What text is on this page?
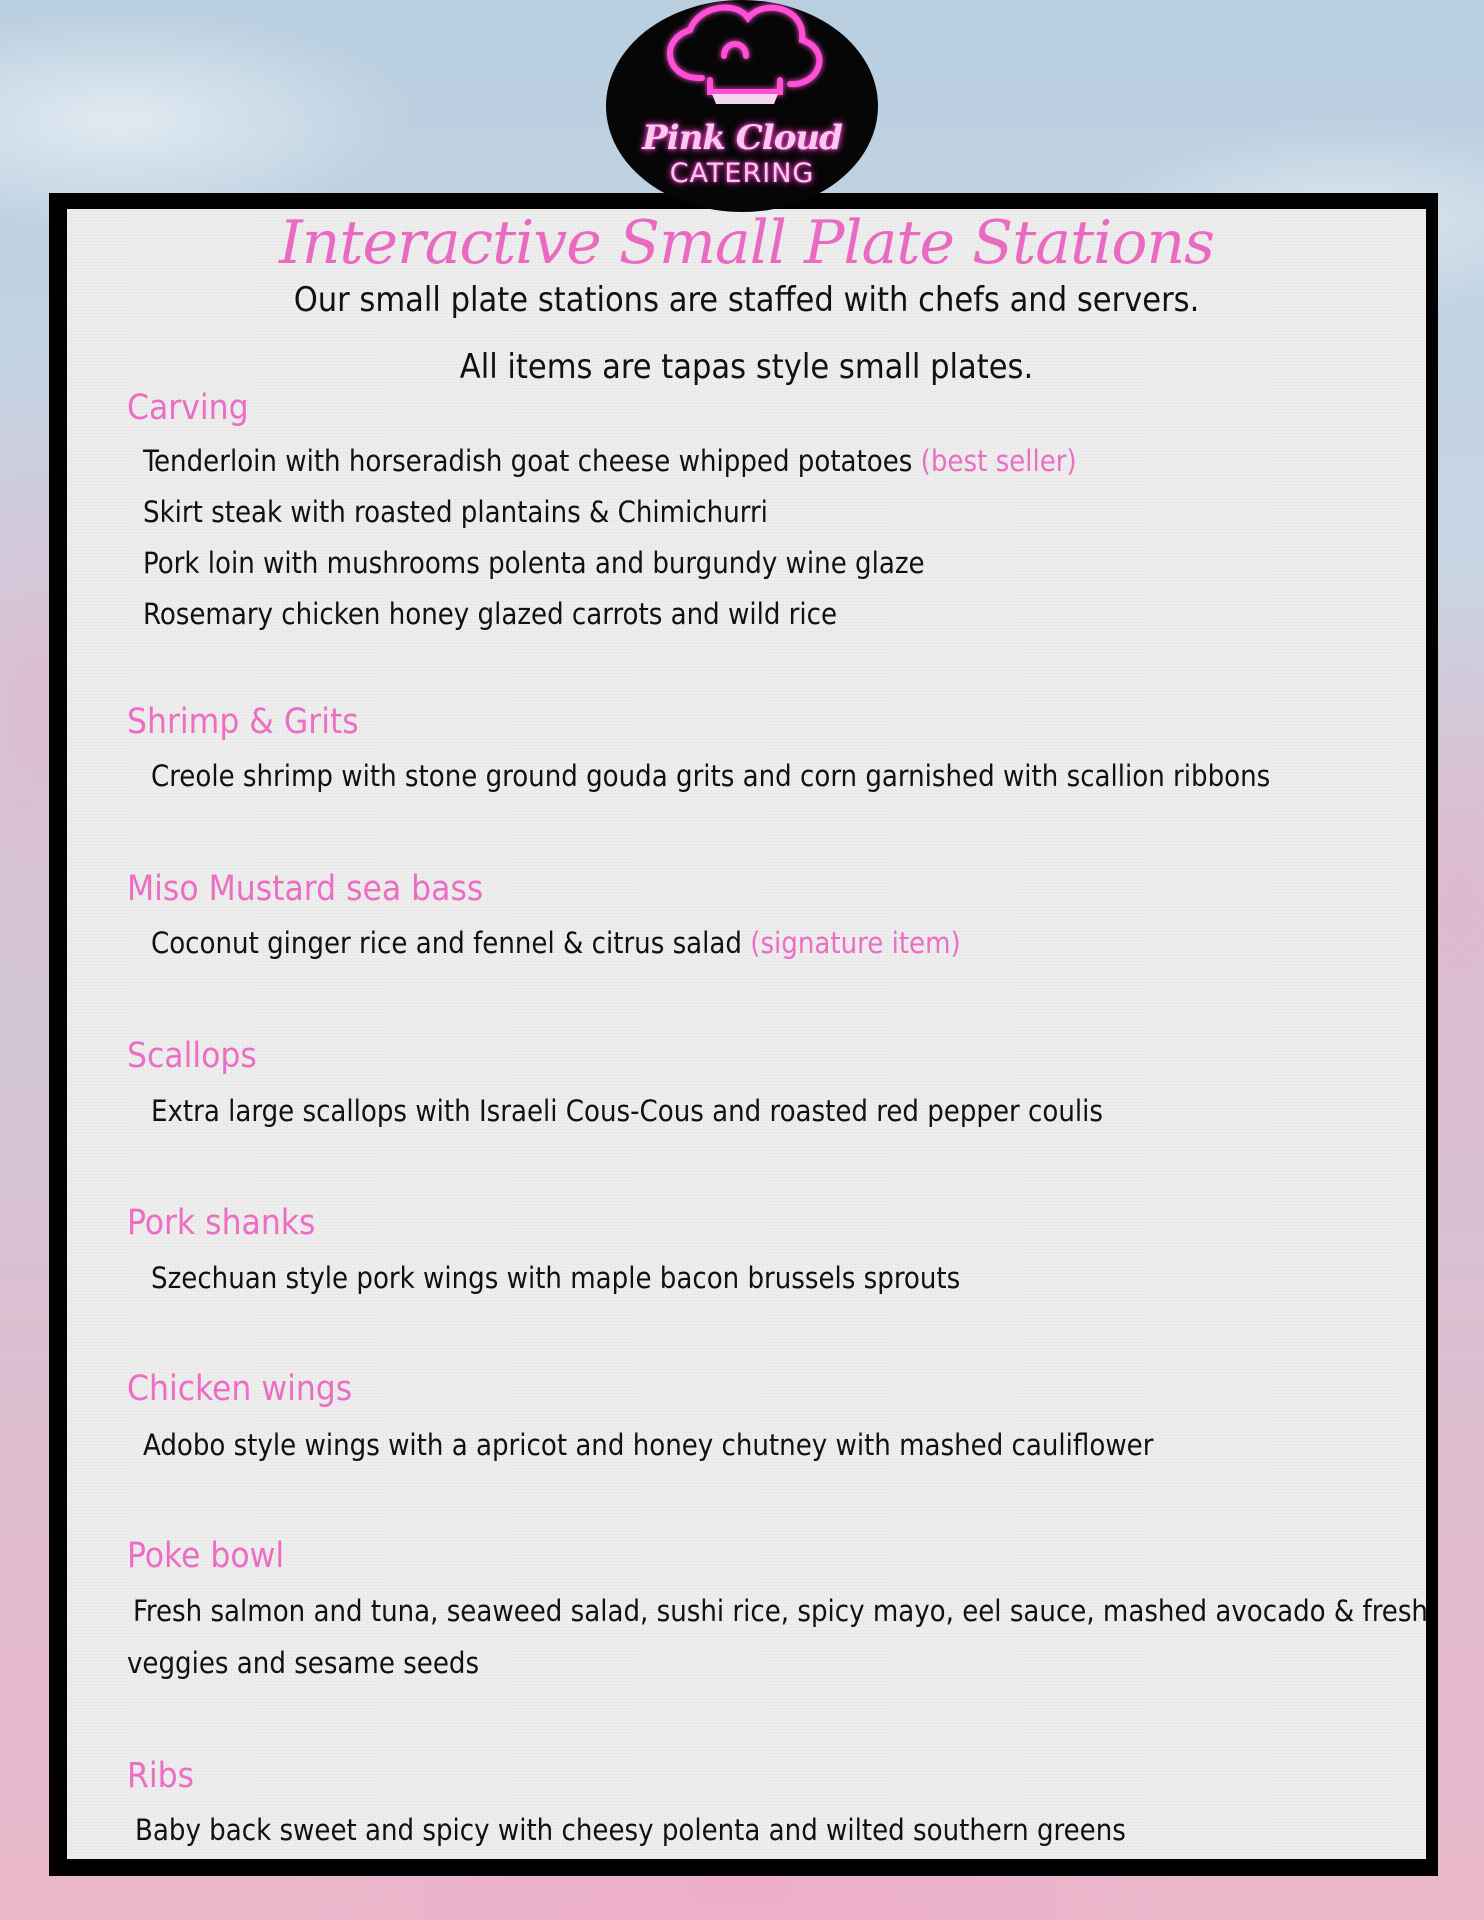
Pink Cloud
CATERING
Interactive Small Plate Stations
Our small plate stations are staffed with chefs and servers.
All items are tapas style small plates.
Carving
Tenderloin with horseradish goat cheese whipped potatoes (best seller)
Skirt steak with roasted plantains & Chimichurri
Pork loin with mushrooms polenta and burgundy wine glaze
Rosemary chicken honey glazed carrots and wild rice
Shrimp & Grits
Creole shrimp with stone ground gouda grits and corn garnished with scallion ribbons
Miso Mustard sea bass
Coconut ginger rice and fennel & citrus salad (signature item)
Scallops
Extra large scallops with Israeli Cous-Cous and roasted red pepper coulis
Pork shanks
Szechuan style pork wings with maple bacon brussels sprouts
Chicken wings
Adobo style wings with a apricot and honey chutney with mashed cauliflower
Poke bowl
Fresh salmon and tuna, seaweed salad, sushi rice, spicy mayo, eel sauce, mashed avocado & fresh
veggies and sesame seeds
Ribs
Baby back sweet and spicy with cheesy polenta and wilted southern greens
